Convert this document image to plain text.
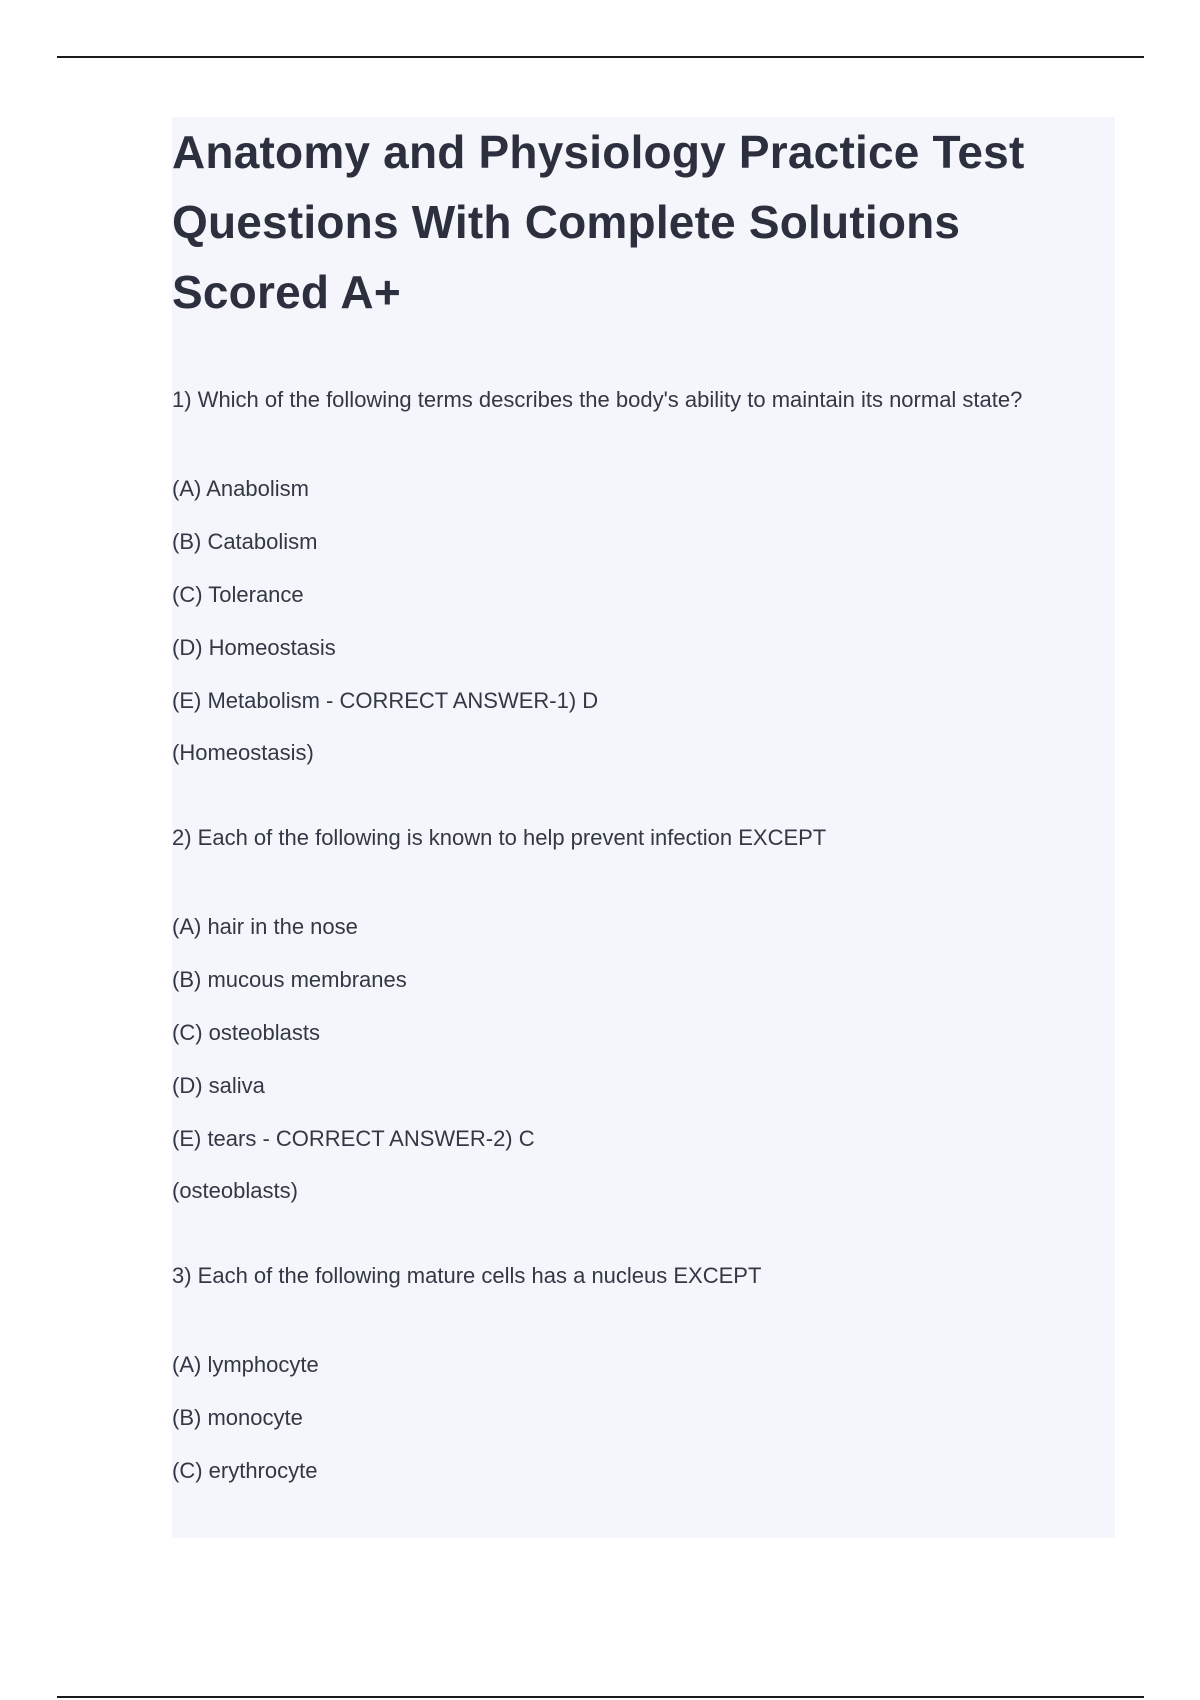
Anatomy and Physiology Practice Test
Questions With Complete Solutions
Scored A+

1) Which of the following terms describes the body's ability to maintain its normal state?

(A) Anabolism

(B) Catabolism

(C) Tolerance

(D) Homeostasis

(E) Metabolism - CORRECT ANSWER-1) D

(Homeostasis)

2) Each of the following is known to help prevent infection EXCEPT

(A) hair in the nose

(B) mucous membranes

(C) osteoblasts

(D) saliva

(E) tears - CORRECT ANSWER-2) C

(osteoblasts)

3) Each of the following mature cells has a nucleus EXCEPT

(A) lymphocyte

(B) monocyte

(C) erythrocyte
